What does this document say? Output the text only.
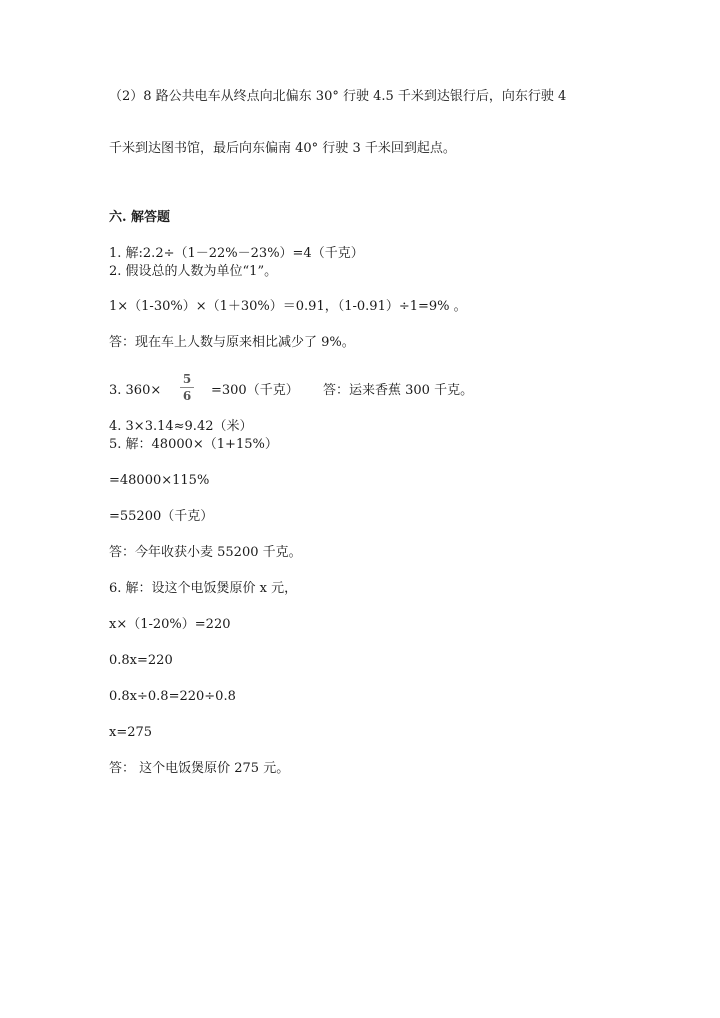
（2）8 路公共电车从终点向北偏东 30° 行驶 4.5 千米到达银行后，向东行驶 4
千米到达图书馆，最后向东偏南 40° 行驶 3 千米回到起点。
六. 解答题
1. 解:2.2÷（1－22%－23%）=4（千克）
2. 假设总的人数为单位“1”。
1×（1-30%）×（1＋30%）＝0.91，（1-0.91）÷1=9% 。
答：现在车上人数与原来相比减少了 9%。
3. 360×
5
6	=300（千克） 答：运来香蕉 300 千克。
4. 3×3.14≈9.42（米）
5. 解：48000×（1+15%）
=48000×115%
=55200（千克）
答：今年收获小麦 55200 千克。
6. 解：设这个电饭煲原价 x 元，
x×（1-20%）=220
0.8x=220
0.8x÷0.8=220÷0.8
x=275
答： 这个电饭煲原价 275 元。
